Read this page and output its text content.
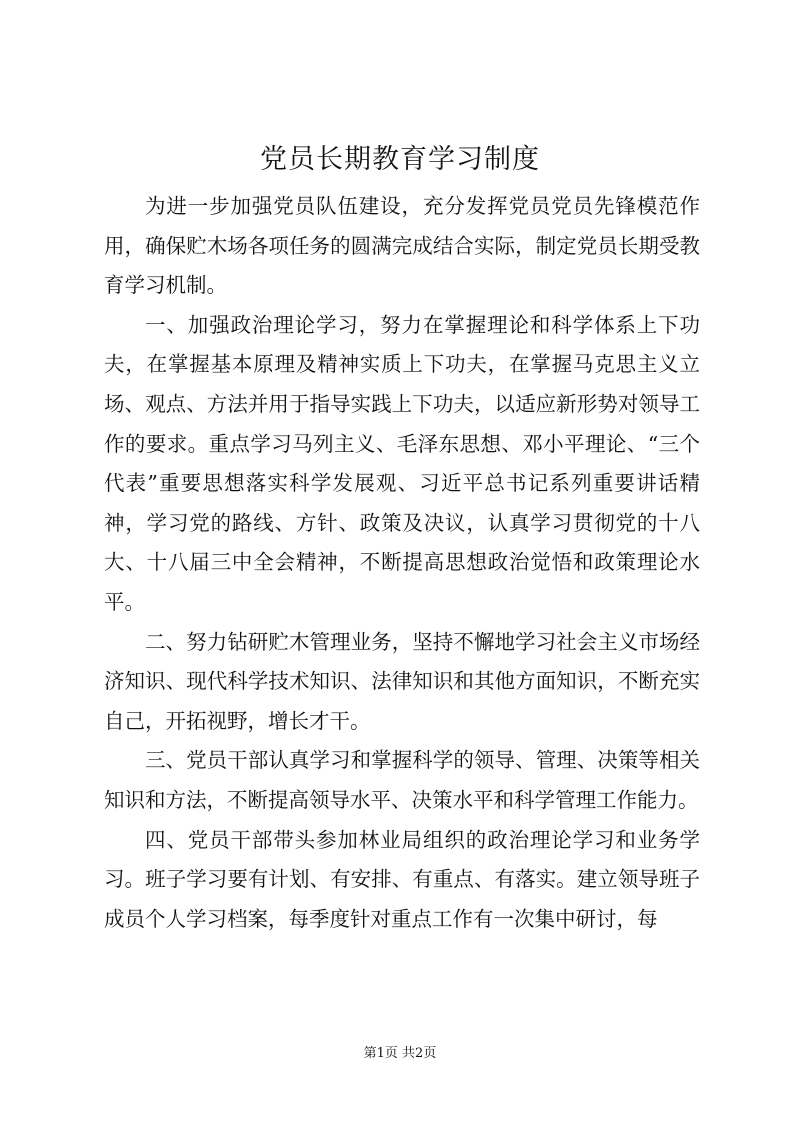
党员长期教育学习制度

为进一步加强党员队伍建设，充分发挥党员党员先锋模范作用，确保贮木场各项任务的圆满完成结合实际，制定党员长期受教育学习机制。

一、加强政治理论学习，努力在掌握理论和科学体系上下功夫，在掌握基本原理及精神实质上下功夫，在掌握马克思主义立场、观点、方法并用于指导实践上下功夫，以适应新形势对领导工作的要求。重点学习马列主义、毛泽东思想、邓小平理论、“三个代表”重要思想落实科学发展观、习近平总书记系列重要讲话精神，学习党的路线、方针、政策及决议，认真学习贯彻党的十八大、十八届三中全会精神，不断提高思想政治觉悟和政策理论水平。

二、努力钻研贮木管理业务，坚持不懈地学习社会主义市场经济知识、现代科学技术知识、法律知识和其他方面知识，不断充实自己，开拓视野，增长才干。

三、党员干部认真学习和掌握科学的领导、管理、决策等相关知识和方法，不断提高领导水平、决策水平和科学管理工作能力。

四、党员干部带头参加林业局组织的政治理论学习和业务学习。班子学习要有计划、有安排、有重点、有落实。建立领导班子成员个人学习档案，每季度针对重点工作有一次集中研讨，每

第1页 共2页
